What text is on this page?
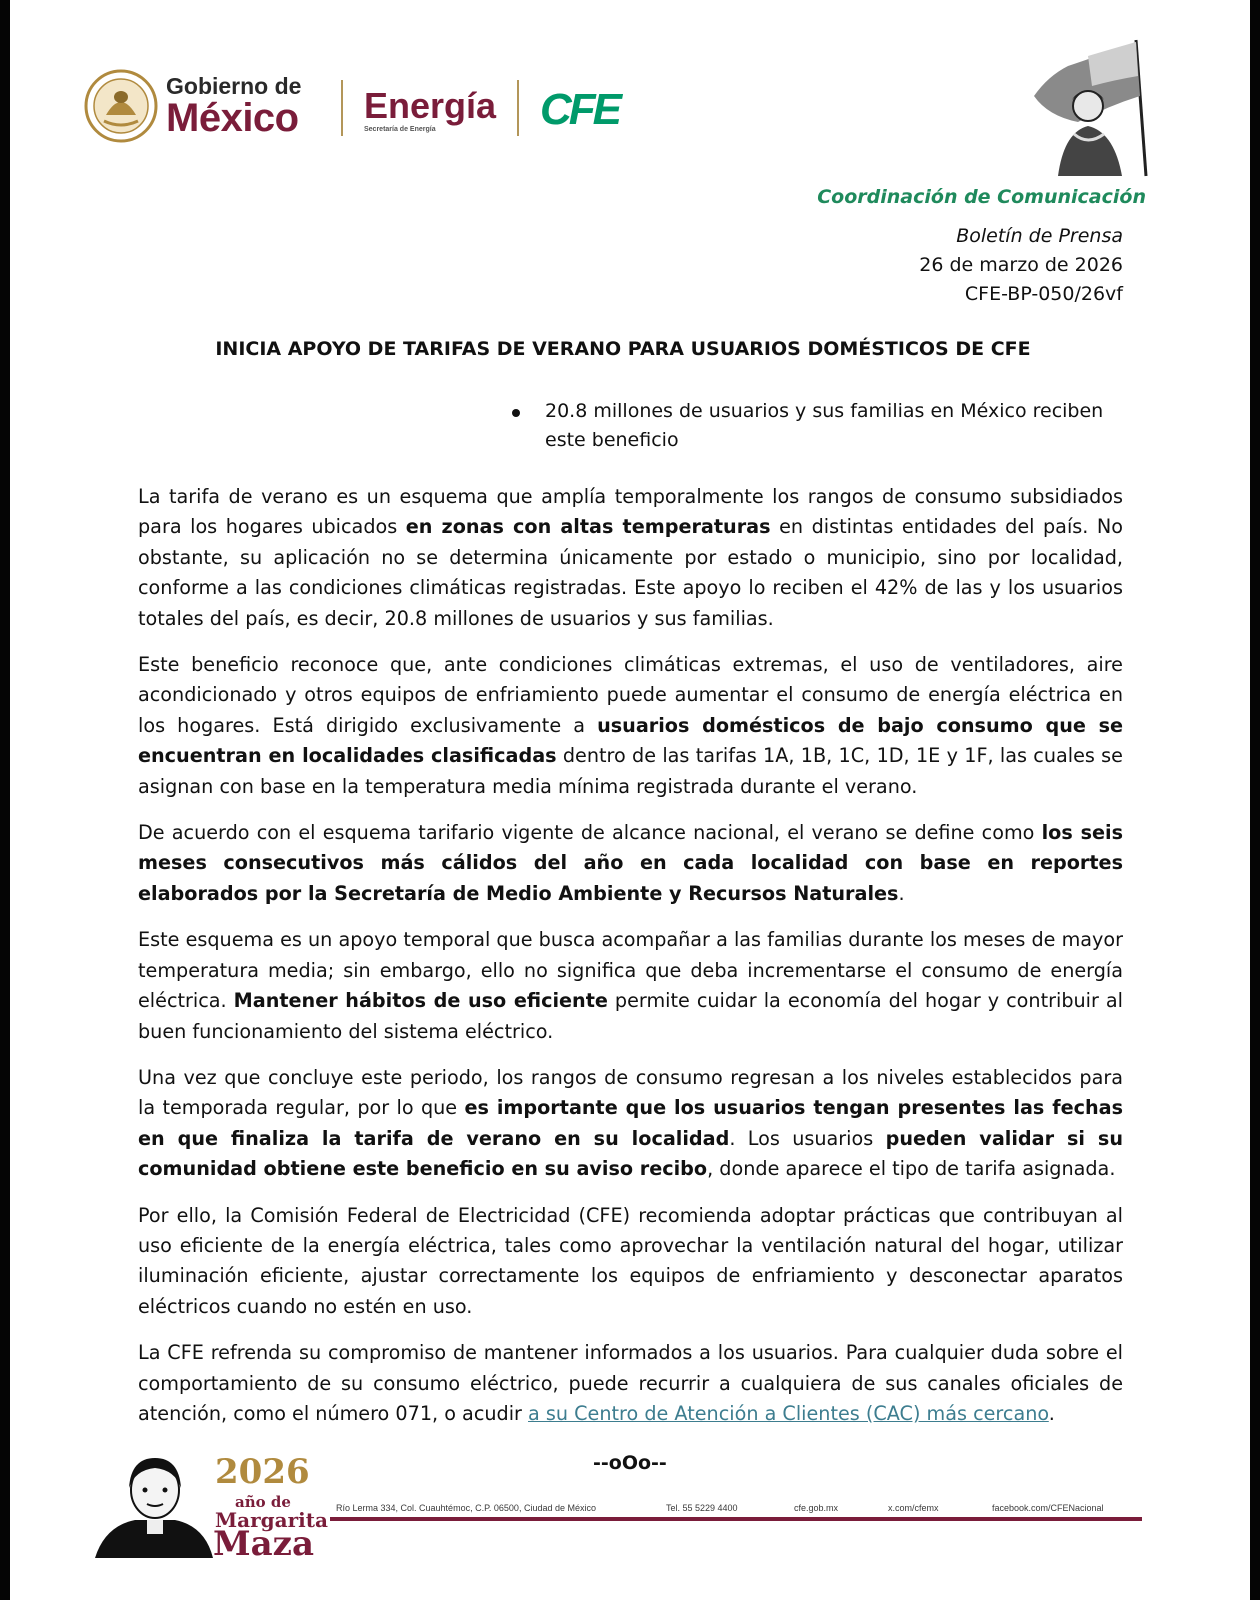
Gobierno de
México Energía
Secretaría de Energía	CFE
Coordinación de Comunicación
Boletín de Prensa
26 de marzo de 2026
CFE-BP-050/26vf
INICIA APOYO DE TARIFAS DE VERANO PARA USUARIOS DOMÉSTICOS DE CFE
20.8 millones de usuarios y sus familias en México reciben este beneficio

La tarifa de verano es un esquema que amplía temporalmente los rangos de consumo subsidiados para los hogares ubicados en zonas con altas temperaturas en distintas entidades del país. No obstante, su aplicación no se determina únicamente por estado o municipio, sino por localidad, conforme a las condiciones climáticas registradas. Este apoyo lo reciben el 42% de las y los usuarios totales del país, es decir, 20.8 millones de usuarios y sus familias.

Este beneficio reconoce que, ante condiciones climáticas extremas, el uso de ventiladores, aire acondicionado y otros equipos de enfriamiento puede aumentar el consumo de energía eléctrica en los hogares. Está dirigido exclusivamente a usuarios domésticos de bajo consumo que se encuentran en localidades clasificadas dentro de las tarifas 1A, 1B, 1C, 1D, 1E y 1F, las cuales se asignan con base en la temperatura media mínima registrada durante el verano.

De acuerdo con el esquema tarifario vigente de alcance nacional, el verano se define como los seis meses consecutivos más cálidos del año en cada localidad con base en reportes elaborados por la Secretaría de Medio Ambiente y Recursos Naturales.

Este esquema es un apoyo temporal que busca acompañar a las familias durante los meses de mayor temperatura media; sin embargo, ello no significa que deba incrementarse el consumo de energía eléctrica. Mantener hábitos de uso eficiente permite cuidar la economía del hogar y contribuir al buen funcionamiento del sistema eléctrico.

Una vez que concluye este periodo, los rangos de consumo regresan a los niveles establecidos para la temporada regular, por lo que es importante que los usuarios tengan presentes las fechas en que finaliza la tarifa de verano en su localidad. Los usuarios pueden validar si su comunidad obtiene este beneficio en su aviso recibo, donde aparece el tipo de tarifa asignada.

Por ello, la Comisión Federal de Electricidad (CFE) recomienda adoptar prácticas que contribuyan al uso eficiente de la energía eléctrica, tales como aprovechar la ventilación natural del hogar, utilizar iluminación eficiente, ajustar correctamente los equipos de enfriamiento y desconectar aparatos eléctricos cuando no estén en uso.

La CFE refrenda su compromiso de mantener informados a los usuarios. Para cualquier duda sobre el comportamiento de su consumo eléctrico, puede recurrir a cualquiera de sus canales oficiales de atención, como el número 071, o acudir a su Centro de Atención a Clientes (CAC) más cercano.

--oOo--
2026
año de
Margarita
Maza
Río Lerma 334, Col. Cuauhtémoc, C.P. 06500, Ciudad de México	Tel. 55 5229 4400	cfe.gob.mx	x.com/cfemx	facebook.com/CFENacional
